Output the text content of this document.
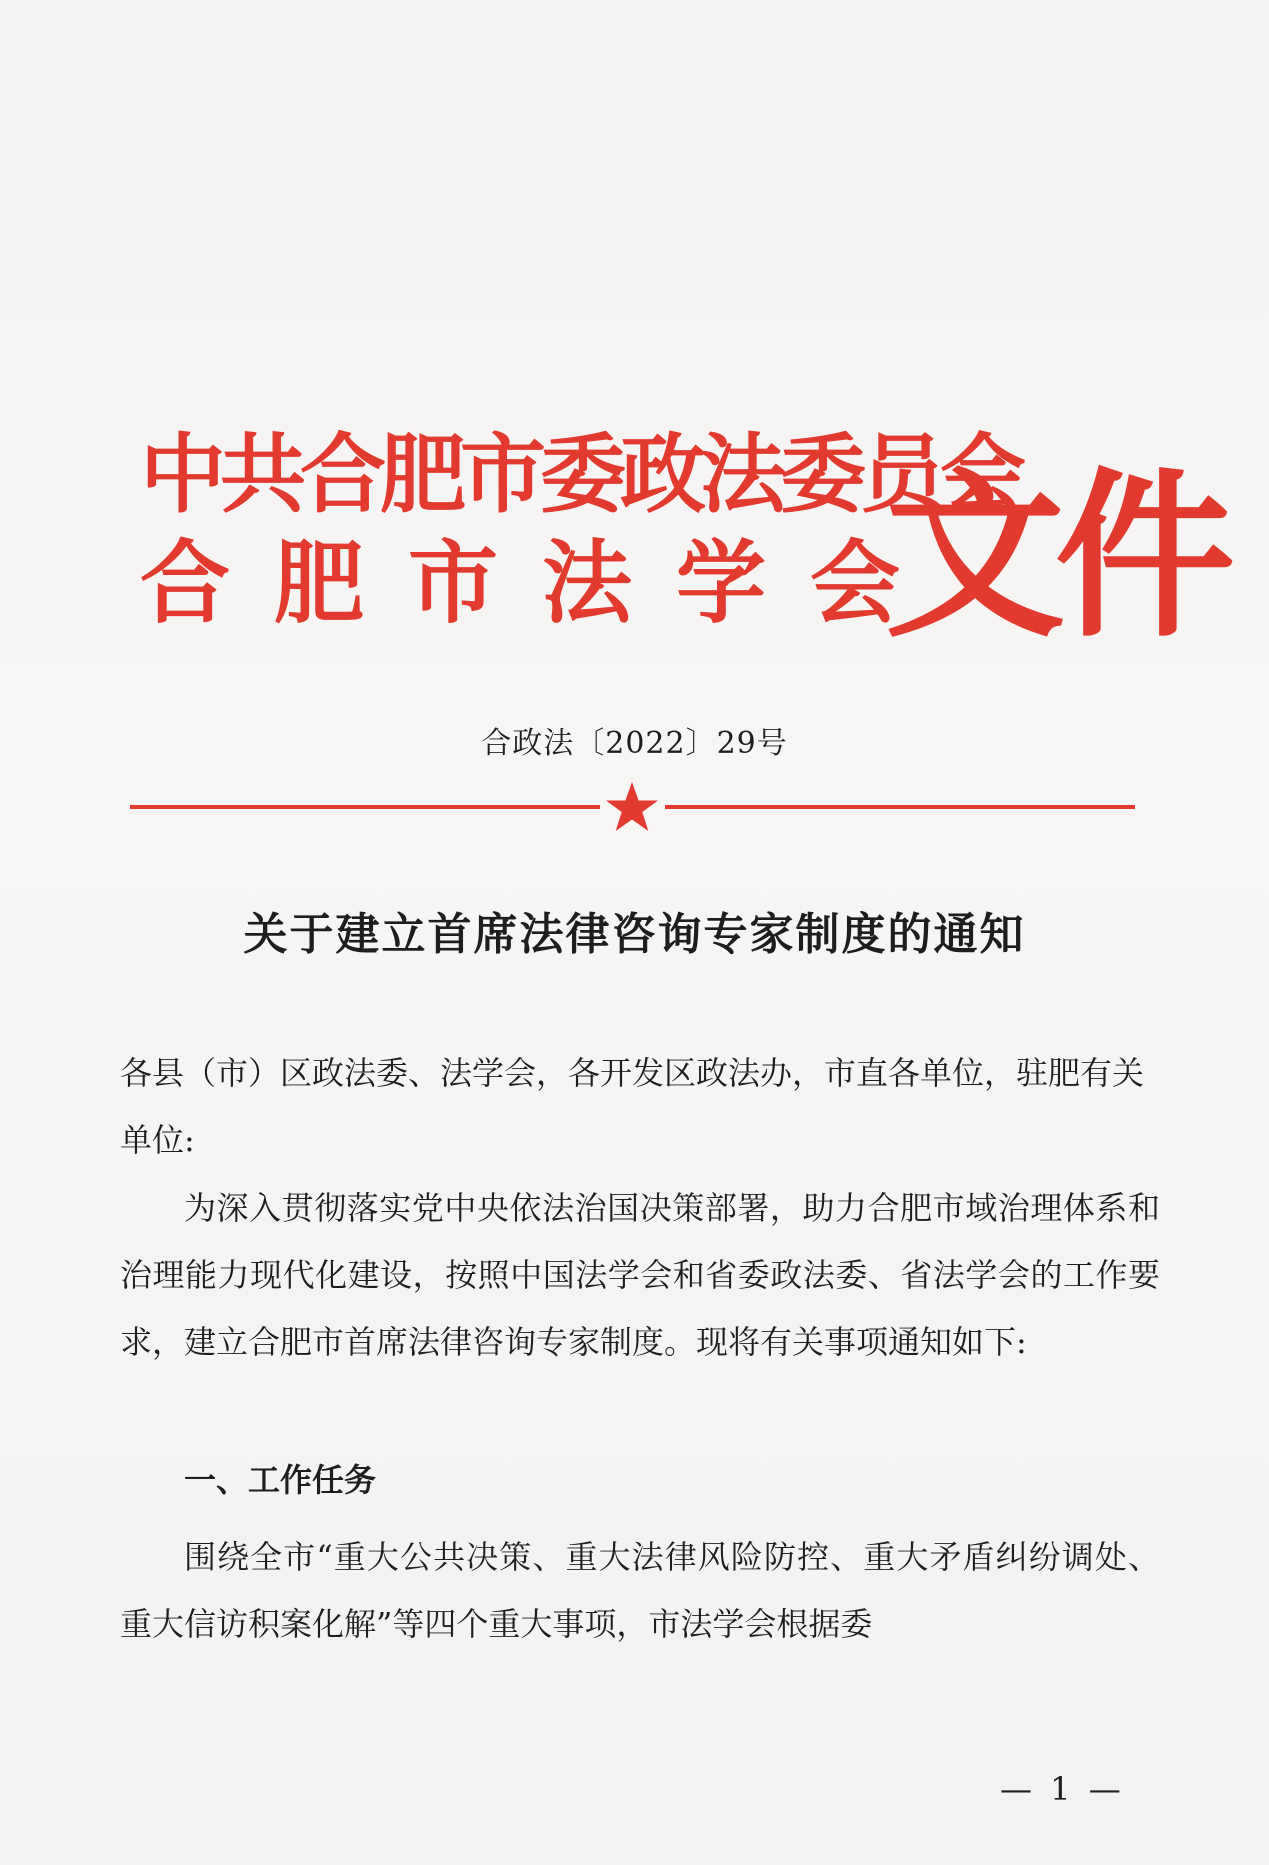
中共合肥市委政法委员会
合肥市法学会
文件
合政法〔2022〕29号
关于建立首席法律咨询专家制度的通知
各县（市）区政法委、法学会，各开发区政法办，市直各单位，驻肥有关单位:
为深入贯彻落实党中央依法治国决策部署，助力合肥市域治理体系和治理能力现代化建设，按照中国法学会和省委政法委、省法学会的工作要求，建立合肥市首席法律咨询专家制度。现将有关事项通知如下:
一、工作任务
围绕全市“重大公共决策、重大法律风险防控、重大矛盾纠纷调处、重大信访积案化解”等四个重大事项，市法学会根据委
— 1 —
